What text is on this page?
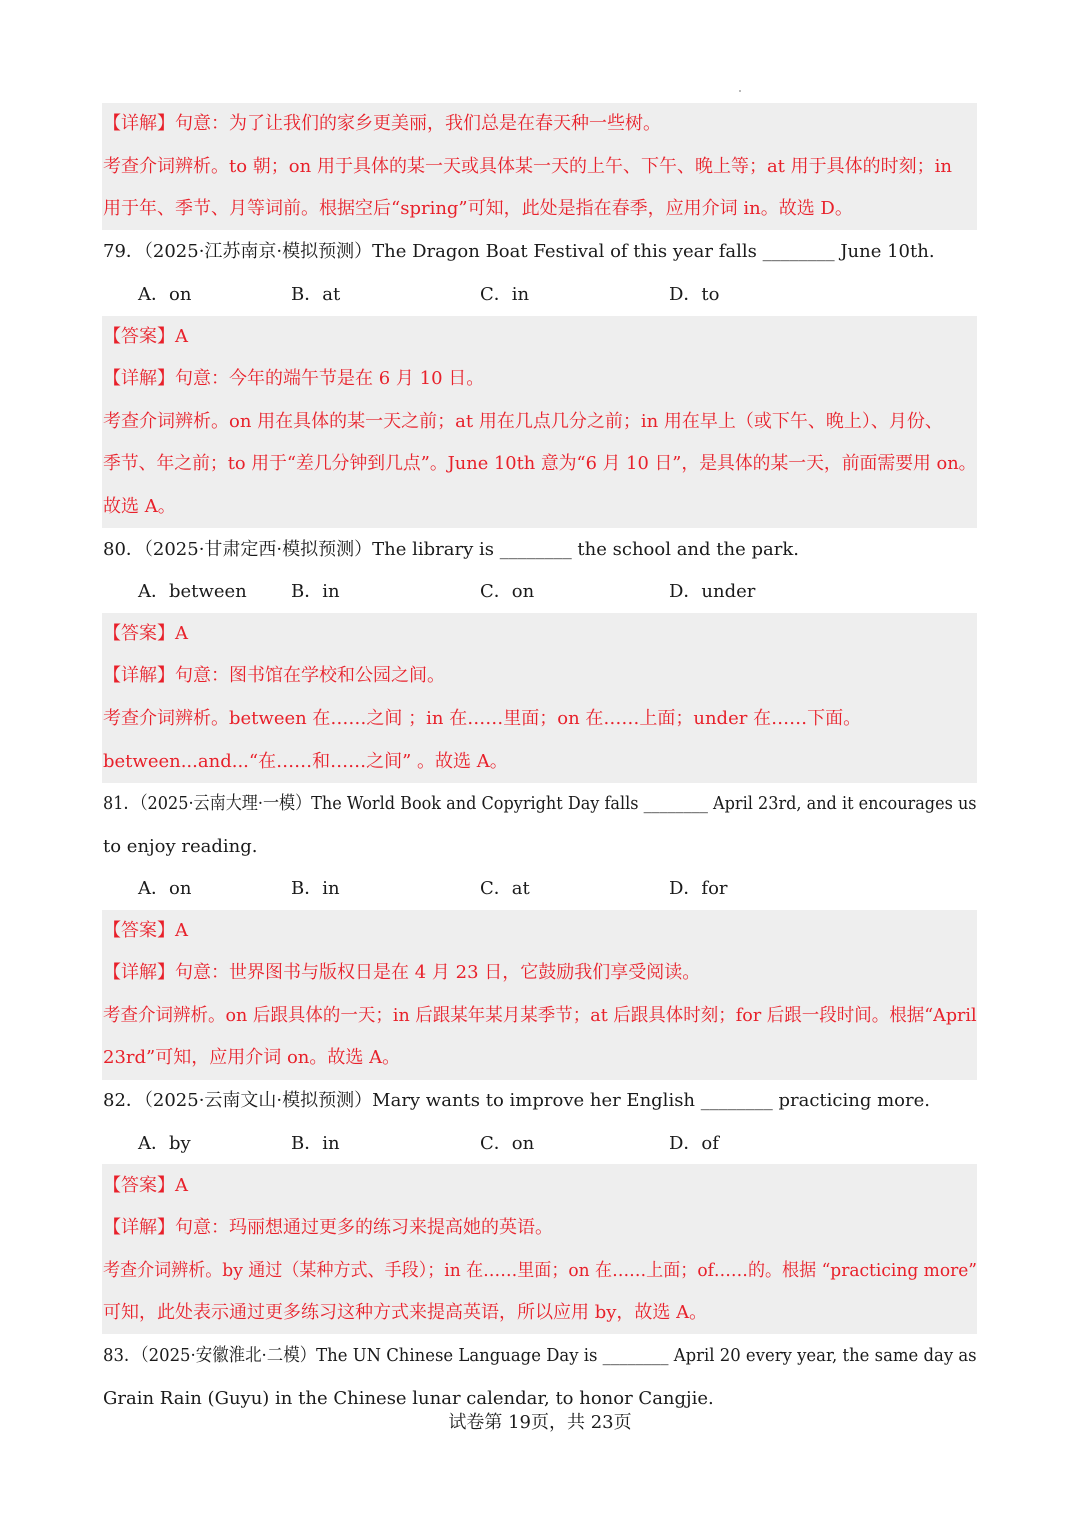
【详解】句意：为了让我们的家乡更美丽，我们总是在春天种一些树。
考查介词辨析。to 朝；on 用于具体的某一天或具体某一天的上午、下午、晚上等；at 用于具体的时刻；in
用于年、季节、月等词前。根据空后“spring”可知，此处是指在春季，应用介词 in。故选 D。
79．（2025·江苏南京·模拟预测）The Dragon Boat Festival of this year falls ________ June 10th.
A．on	B．at	C．in	D．to
【答案】A
【详解】句意：今年的端午节是在 6 月 10 日。
考查介词辨析。on 用在具体的某一天之前；at 用在几点几分之前；in 用在早上（或下午、晚上）、月份、
季节、年之前；to 用于“差几分钟到几点”。June 10th 意为“6 月 10 日”，是具体的某一天，前面需要用 on。
故选 A。
80．（2025·甘肃定西·模拟预测）The library is ________ the school and the park.
A．between B．in	C．on	D．under
【答案】A
【详解】句意：图书馆在学校和公园之间。
考查介词辨析。between 在……之间 ；in 在……里面；on 在……上面；under 在……下面。
between...and...“在……和……之间” 。故选 A。
81．（2025·云南大理·一模）The World Book and Copyright Day falls ________ April 23rd, and it encourages us
to enjoy reading.
A．on	B．in	C．at	D．for
【答案】A
【详解】句意：世界图书与版权日是在 4 月 23 日，它鼓励我们享受阅读。
考查介词辨析。on 后跟具体的一天；in 后跟某年某月某季节；at 后跟具体时刻；for 后跟一段时间。根据“April
23rd”可知，应用介词 on。故选 A。
82．（2025·云南文山·模拟预测）Mary wants to improve her English ________ practicing more.
A．by	B．in	C．on	D．of
【答案】A
【详解】句意：玛丽想通过更多的练习来提高她的英语。
考查介词辨析。by 通过（某种方式、手段）；in 在……里面；on 在……上面；of……的。根据 “practicing more”
可知，此处表示通过更多练习这种方式来提高英语，所以应用 by，故选 A。
83．（2025·安徽淮北·二模）The UN Chinese Language Day is ________ April 20 every year, the same day as
Grain Rain (Guyu) in the Chinese lunar calendar, to honor Cangjie.
试卷第 19页，共 23页
